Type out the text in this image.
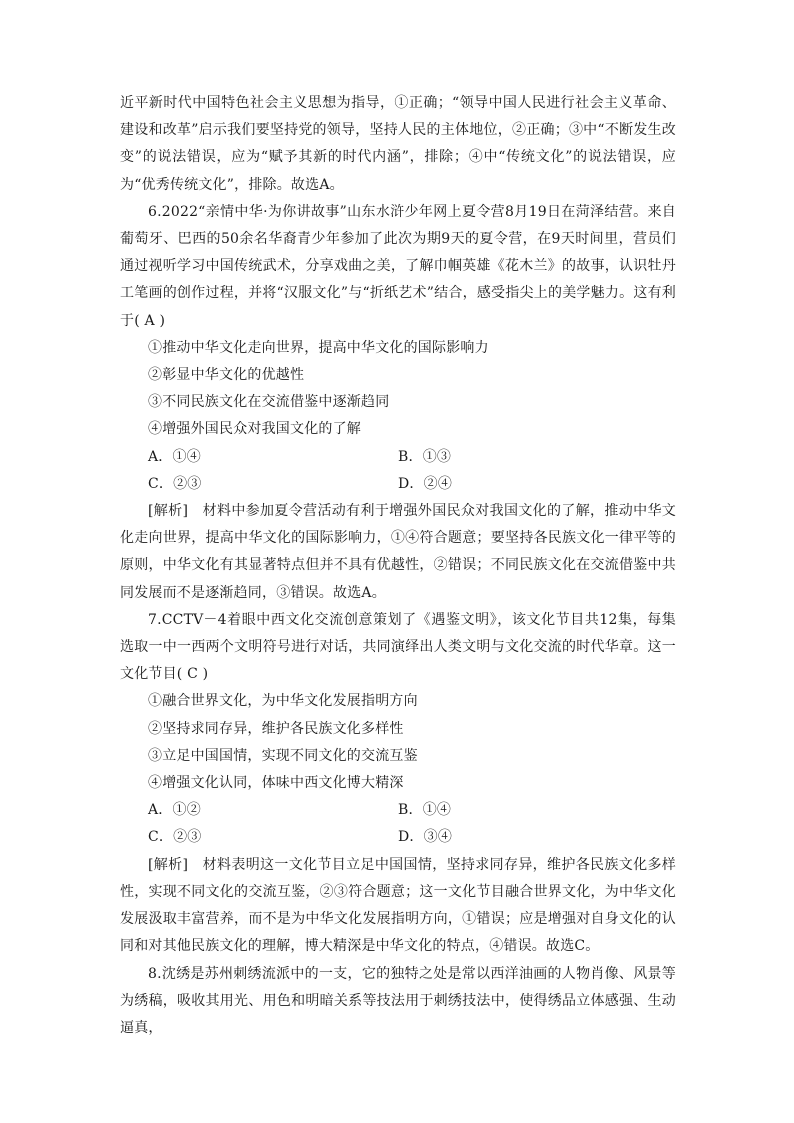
近平新时代中国特色社会主义思想为指导，①正确；“领导中国人民进行社会主义革命、建设和改革”启示我们要坚持党的领导，坚持人民的主体地位，②正确；③中“不断发生改变”的说法错误，应为“赋予其新的时代内涵”，排除；④中“传统文化”的说法错误，应为“优秀传统文化”，排除。故选A。

6.2022“亲情中华·为你讲故事”山东水浒少年网上夏令营8月19日在菏泽结营。来自葡萄牙、巴西的50余名华裔青少年参加了此次为期9天的夏令营，在9天时间里，营员们通过视听学习中国传统武术，分享戏曲之美，了解巾帼英雄《花木兰》的故事，认识牡丹工笔画的创作过程，并将“汉服文化”与“折纸艺术”结合，感受指尖上的美学魅力。这有利于( A )

①推动中华文化走向世界，提高中华文化的国际影响力

②彰显中华文化的优越性

③不同民族文化在交流借鉴中逐渐趋同

④增强外国民众对我国文化的了解

A．①④	B．①③

C．②③	D．②④

[解析]　材料中参加夏令营活动有利于增强外国民众对我国文化的了解，推动中华文化走向世界，提高中华文化的国际影响力，①④符合题意；要坚持各民族文化一律平等的原则，中华文化有其显著特点但并不具有优越性，②错误；不同民族文化在交流借鉴中共同发展而不是逐渐趋同，③错误。故选A。

7.CCTV－4着眼中西文化交流创意策划了《遇鉴文明》，该文化节目共12集，每集选取一中一西两个文明符号进行对话，共同演绎出人类文明与文化交流的时代华章。这一文化节目( C )

①融合世界文化，为中华文化发展指明方向

②坚持求同存异，维护各民族文化多样性

③立足中国国情，实现不同文化的交流互鉴

④增强文化认同，体味中西文化博大精深

A．①②	B．①④

C．②③	D．③④

[解析]　材料表明这一文化节目立足中国国情，坚持求同存异，维护各民族文化多样性，实现不同文化的交流互鉴，②③符合题意；这一文化节目融合世界文化，为中华文化发展汲取丰富营养，而不是为中华文化发展指明方向，①错误；应是增强对自身文化的认同和对其他民族文化的理解，博大精深是中华文化的特点，④错误。故选C。

8.沈绣是苏州刺绣流派中的一支，它的独特之处是常以西洋油画的人物肖像、风景等为绣稿，吸收其用光、用色和明暗关系等技法用于刺绣技法中，使得绣品立体感强、生动逼真，
